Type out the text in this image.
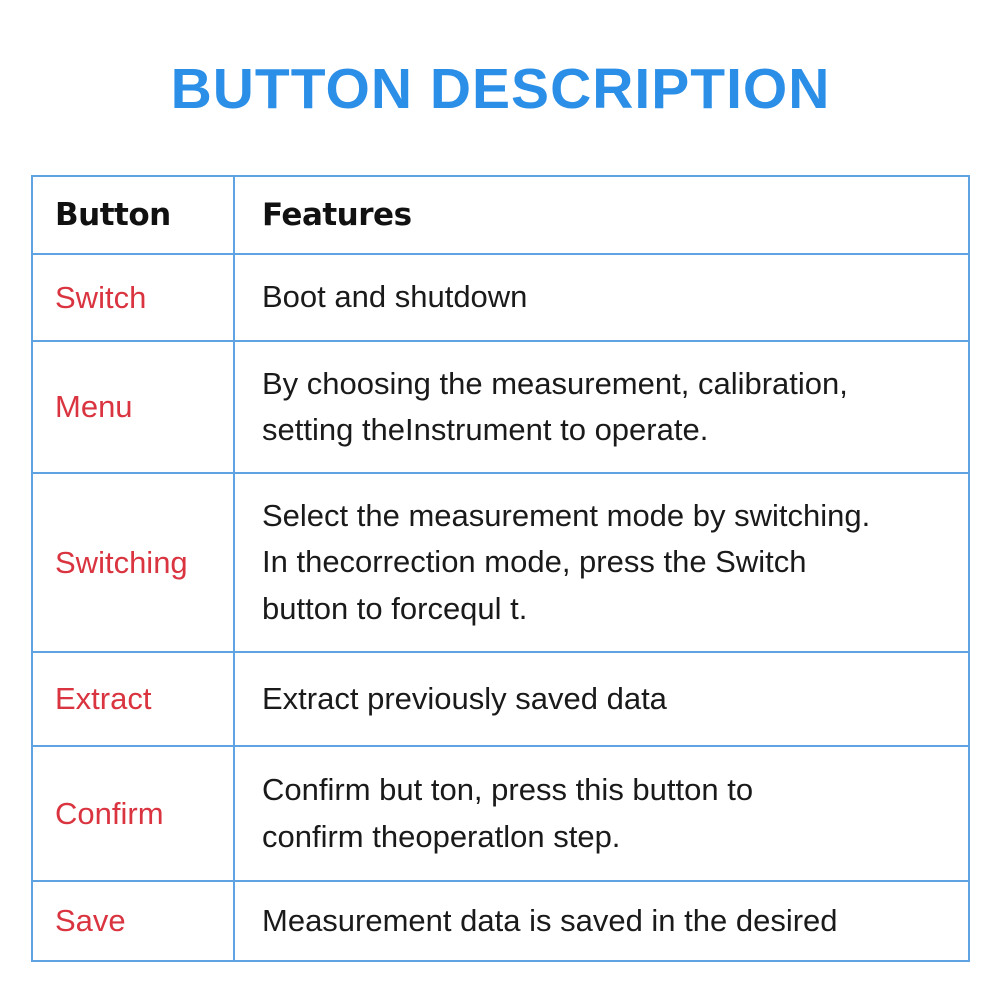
BUTTON DESCRIPTION
Button	Features
Switch	Boot and shutdown

Menu	By choosing the measurement, calibration,
setting theInstrument to operate.

Switching	Select the measurement mode by switching.
In thecorrection mode, press the Switch
button to forcequl t.

Extract	Extract previously saved data

Confirm	Confirm but ton, press this button to
confirm theoperatlon step.

Save	Measurement data is saved in the desired
